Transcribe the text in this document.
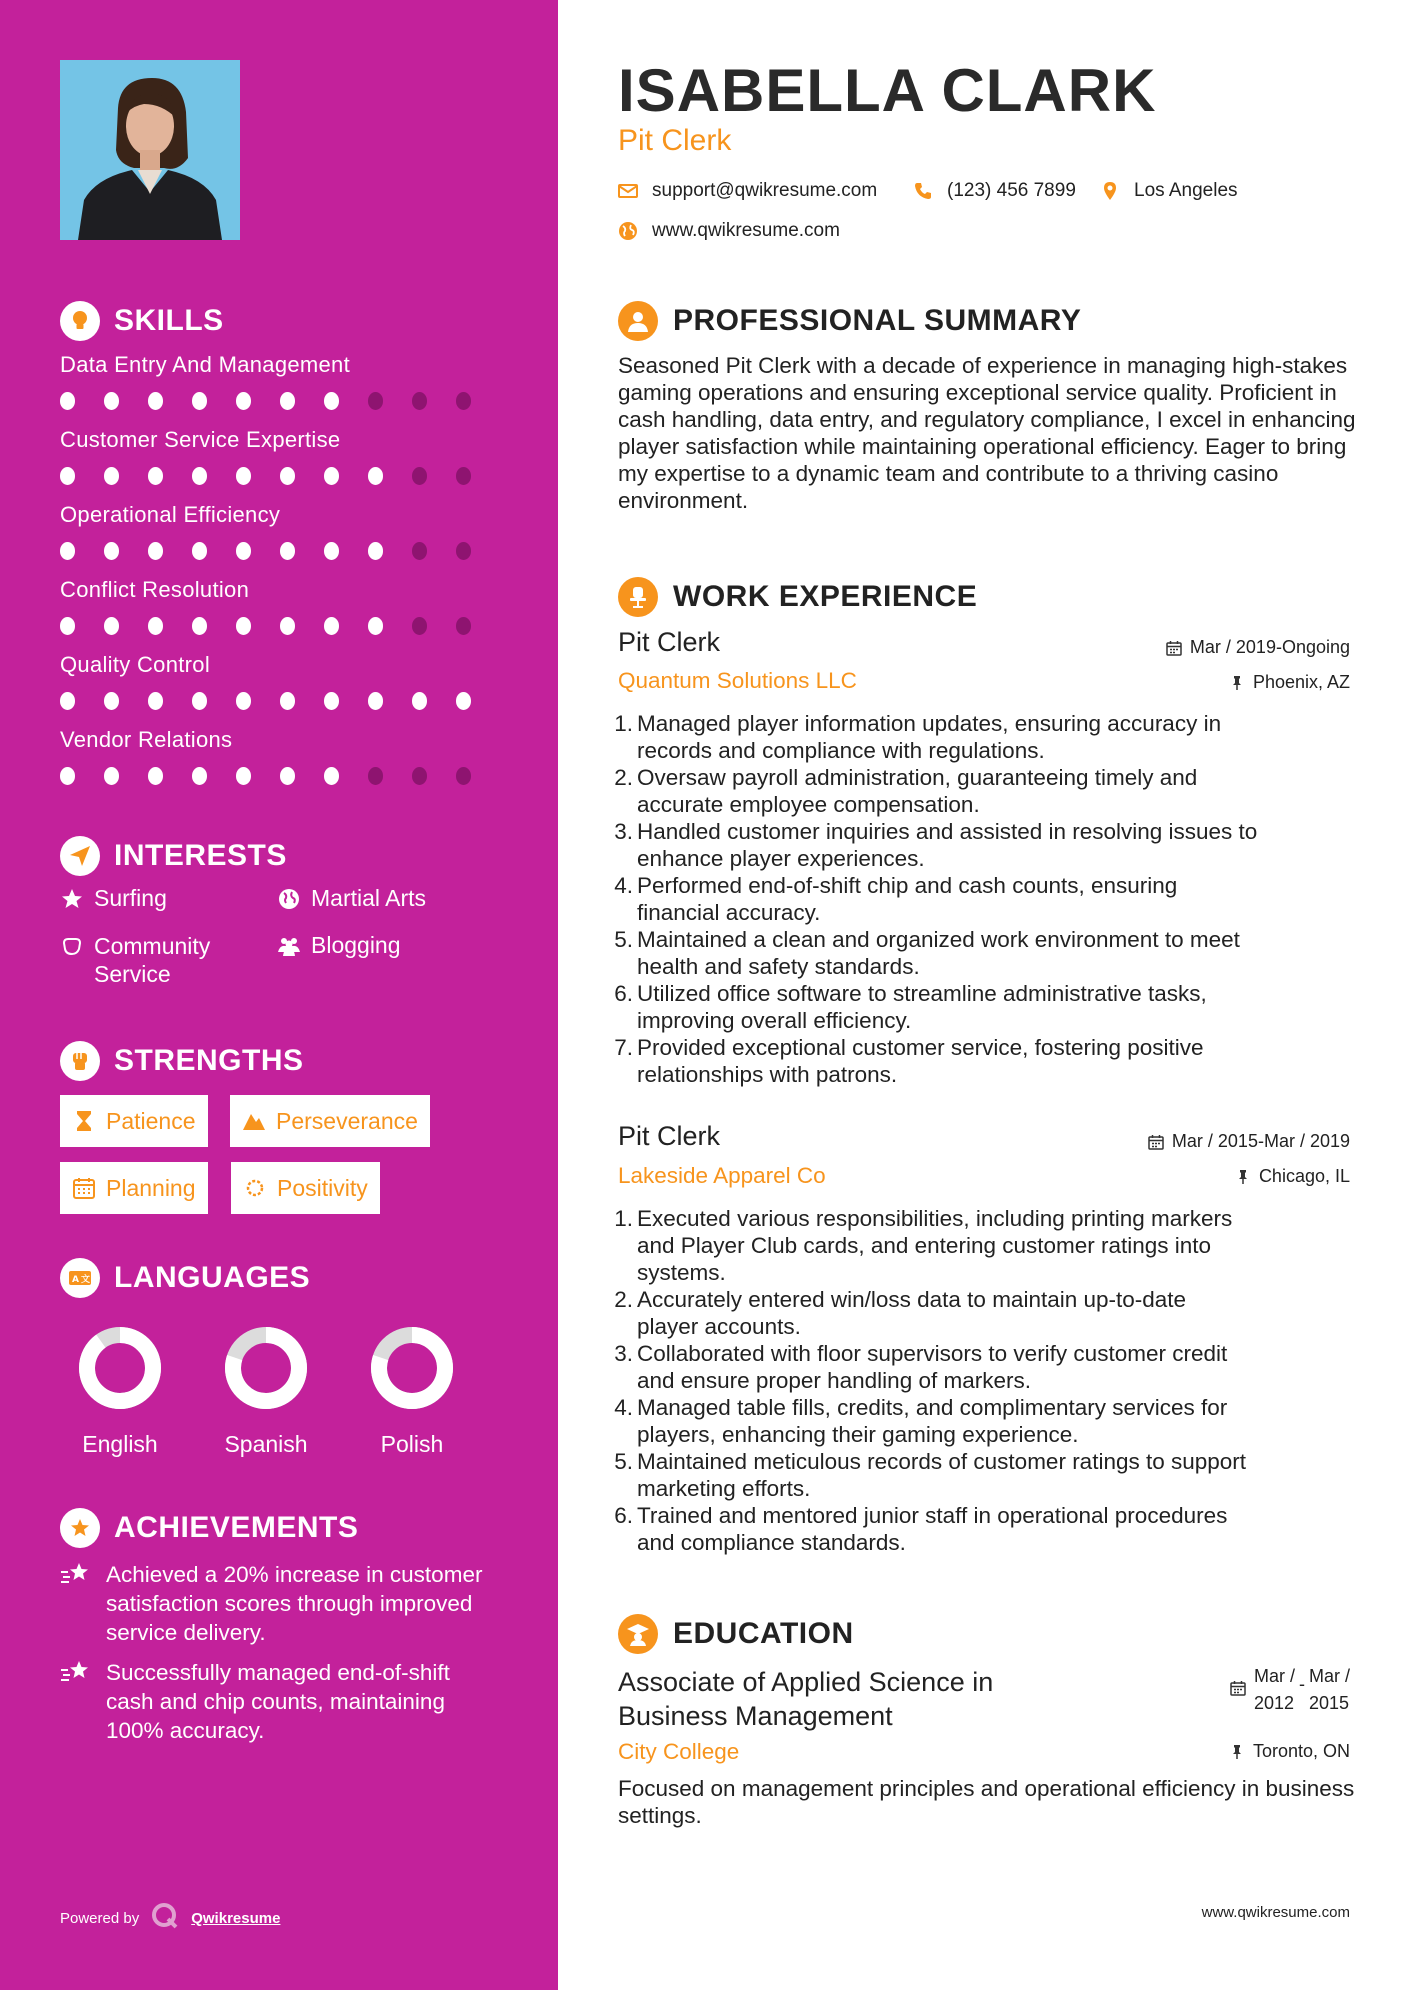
SKILLS
Data Entry And Management
Customer Service Expertise
Operational Efficiency
Conflict Resolution
Quality Control
Vendor Relations
INTERESTS
Surfing	Martial Arts
Community Service
Blogging
STRENGTHS
Patience	Perseverance
Planning	Positivity
A 文 LANGUAGES
English	Spanish	Polish
ACHIEVEMENTS
Achieved a 20% increase in customer satisfaction scores through improved service delivery.
Successfully managed end-of-shift cash and chip counts, maintaining 100% accuracy.
Powered by	Qwikresume
ISABELLA CLARK
Pit Clerk
support@qwikresume.com	(123) 456 7899	Los Angeles
www.qwikresume.com
PROFESSIONAL SUMMARY
Seasoned Pit Clerk with a decade of experience in managing high-stakes gaming operations and ensuring exceptional service quality. Proficient in cash handling, data entry, and regulatory compliance, I excel in enhancing player satisfaction while maintaining operational efficiency. Eager to bring my expertise to a dynamic team and contribute to a thriving casino environment.
WORK EXPERIENCE
Pit Clerk
Quantum Solutions LLC
Mar / 2019-Ongoing
Phoenix, AZ
1. Managed player information updates, ensuring accuracy in
records and compliance with regulations.
2. Oversaw payroll administration, guaranteeing timely and
accurate employee compensation.
3. Handled customer inquiries and assisted in resolving issues to
enhance player experiences.
4. Performed end-of-shift chip and cash counts, ensuring
financial accuracy.
5. Maintained a clean and organized work environment to meet
health and safety standards.
6. Utilized office software to streamline administrative tasks,
improving overall efficiency.
7. Provided exceptional customer service, fostering positive
relationships with patrons.
Pit Clerk
Lakeside Apparel Co
Mar / 2015-Mar / 2019
Chicago, IL
1. Executed various responsibilities, including printing markers
and Player Club cards, and entering customer ratings into
systems.
2. Accurately entered win/loss data to maintain up-to-date
player accounts.
3. Collaborated with floor supervisors to verify customer credit
and ensure proper handling of markers.
4. Managed table fills, credits, and complimentary services for
players, enhancing their gaming experience.
5. Maintained meticulous records of customer ratings to support
marketing efforts.
6. Trained and mentored junior staff in operational procedures
and compliance standards.
EDUCATION
Associate of Applied Science in
Business Management
Mar /
2012
- Mar /
2015
City College	Toronto, ON
Focused on management principles and operational efficiency in business settings.
www.qwikresume.com
